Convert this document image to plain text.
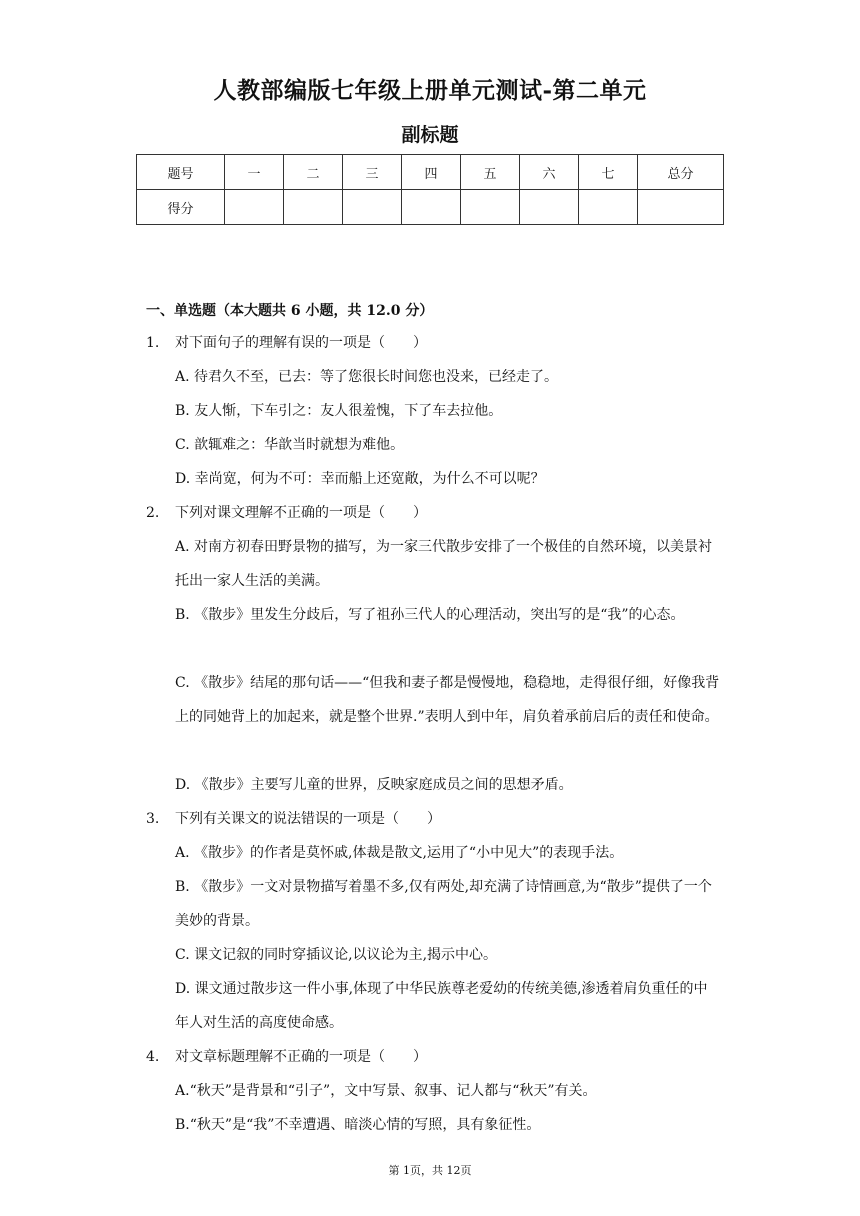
人教部编版七年级上册单元测试-第二单元
副标题
题号	一	二	三	四	五	六	七	总分
得分								
一、单选题（本大题共 6 小题，共 12.0 分）
1. 对下面句子的理解有误的一项是（　　）
A. 待君久不至，已去：等了您很长时间您也没来，已经走了。
B. 友人惭，下车引之：友人很羞愧，下了车去拉他。
C. 歆辄难之：华歆当时就想为难他。
D. 幸尚宽，何为不可：幸而船上还宽敞，为什么不可以呢？
2. 下列对课文理解不正确的一项是（　　）
A. 对南方初春田野景物的描写，为一家三代散步安排了一个极佳的自然环境，以美景衬托出一家人生活的美满。
B. 《散步》里发生分歧后，写了祖孙三代人的心理活动，突出写的是“我”的心态。
C. 《散步》结尾的那句话——“但我和妻子都是慢慢地，稳稳地，走得很仔细，好像我背上的同她背上的加起来，就是整个世界.”表明人到中年，肩负着承前启后的责任和使命。
D. 《散步》主要写儿童的世界，反映家庭成员之间的思想矛盾。
3. 下列有关课文的说法错误的一项是（　　）
A. 《散步》的作者是莫怀戚,体裁是散文,运用了“小中见大”的表现手法。
B. 《散步》一文对景物描写着墨不多,仅有两处,却充满了诗情画意,为“散步”提供了一个美妙的背景。
C. 课文记叙的同时穿插议论,以议论为主,揭示中心。
D. 课文通过散步这一件小事,体现了中华民族尊老爱幼的传统美德,渗透着肩负重任的中年人对生活的高度使命感。
4. 对文章标题理解不正确的一项是（　　）
A.“秋天”是背景和“引子”，文中写景、叙事、记人都与“秋天”有关。
B.“秋天”是“我”不幸遭遇、暗淡心情的写照，具有象征性。
第 1页，共 12页
